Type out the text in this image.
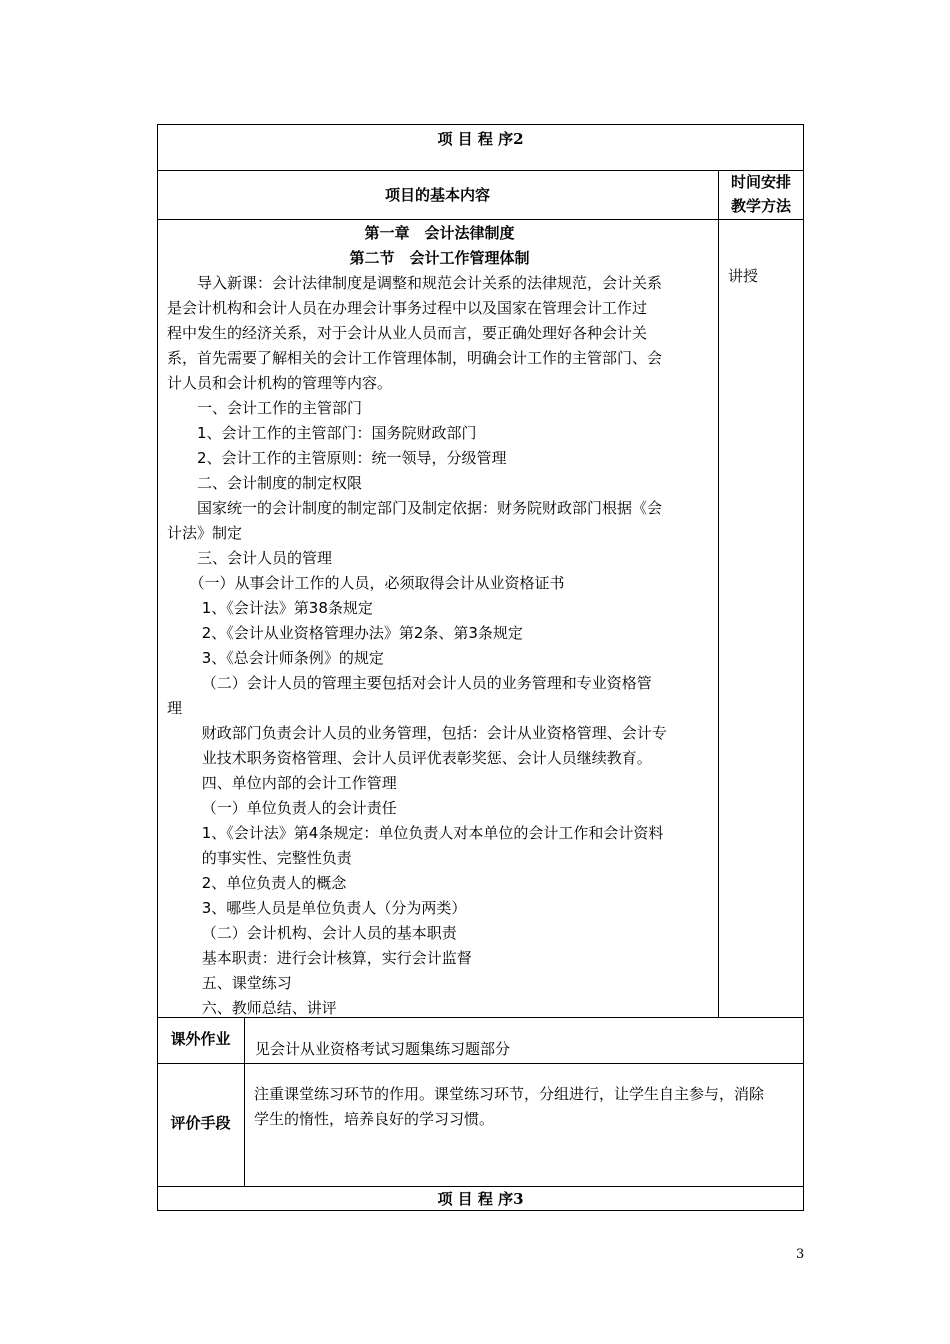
项 目 程 序2
项目的基本内容
时间安排
教学方法
第一章　会计法律制度
第二节　会计工作管理体制
　　导入新课：会计法律制度是调整和规范会计关系的法律规范，会计关系
是会计机构和会计人员在办理会计事务过程中以及国家在管理会计工作过
程中发生的经济关系，对于会计从业人员而言，要正确处理好各种会计关
系，首先需要了解相关的会计工作管理体制，明确会计工作的主管部门、会
计人员和会计机构的管理等内容。
　　一、会计工作的主管部门
　　1、会计工作的主管部门：国务院财政部门
　　2、会计工作的主管原则：统一领导，分级管理
　　二、会计制度的制定权限
　　国家统一的会计制度的制定部门及制定依据：财务院财政部门根据《会
计法》制定
　　三、会计人员的管理
　　（一）从事会计工作的人员，必须取得会计从业资格证书
　　 1、《会计法》第38条规定
　　 2、《会计从业资格管理办法》第2条、第3条规定
　　 3、《总会计师条例》的规定
　　 （二）会计人员的管理主要包括对会计人员的业务管理和专业资格管
理
　　 财政部门负责会计人员的业务管理，包括：会计从业资格管理、会计专
　　 业技术职务资格管理、会计人员评优表彰奖惩、会计人员继续教育。
　　 四、单位内部的会计工作管理
　　 （一）单位负责人的会计责任
　　 1、《会计法》第4条规定：单位负责人对本单位的会计工作和会计资料
　　 的事实性、完整性负责
　　 2、单位负责人的概念
　　 3、哪些人员是单位负责人（分为两类）
　　 （二）会计机构、会计人员的基本职责
　　 基本职责：进行会计核算，实行会计监督
　　 五、课堂练习
　　 六、教师总结、讲评
讲授
课外作业
见会计从业资格考试习题集练习题部分
评价手段
注重课堂练习环节的作用。课堂练习环节，分组进行，让学生自主参与，消除
学生的惰性，培养良好的学习习惯。
项 目 程 序3
3
